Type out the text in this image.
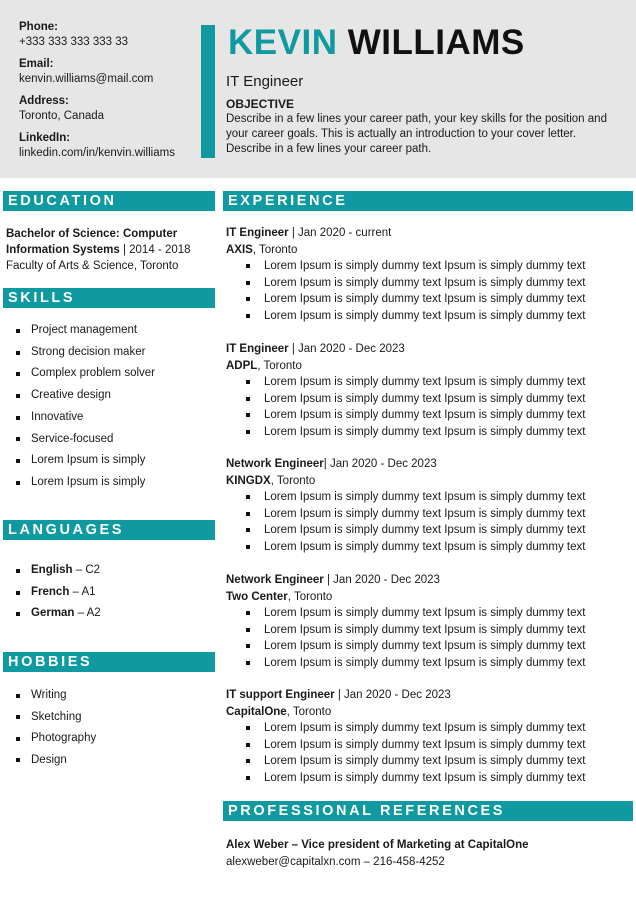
Phone:
+333 333 333 333 33
Email:
kenvin.williams@mail.com
Address:
Toronto, Canada
LinkedIn:
linkedin.com/in/kenvin.williams
KEVIN WILLIAMS
IT Engineer
OBJECTIVE
Describe in a few lines your career path, your key skills for the position and your career goals. This is actually an introduction to your cover letter. Describe in a few lines your career path.
EDUCATION
Bachelor of Science: Computer Information Systems | 2014 - 2018
Faculty of Arts & Science, Toronto
SKILLS
Project management
Strong decision maker
Complex problem solver
Creative design
Innovative
Service-focused
Lorem Ipsum is simply
Lorem Ipsum is simply
LANGUAGES
English – C2
French – A1
German – A2
HOBBIES
Writing
Sketching
Photography
Design
EXPERIENCE
IT Engineer | Jan 2020 - current
AXIS, Toronto
Lorem Ipsum is simply dummy text Ipsum is simply dummy text
Lorem Ipsum is simply dummy text Ipsum is simply dummy text
Lorem Ipsum is simply dummy text Ipsum is simply dummy text
Lorem Ipsum is simply dummy text Ipsum is simply dummy text
IT Engineer | Jan 2020 - Dec 2023
ADPL, Toronto
Lorem Ipsum is simply dummy text Ipsum is simply dummy text
Lorem Ipsum is simply dummy text Ipsum is simply dummy text
Lorem Ipsum is simply dummy text Ipsum is simply dummy text
Lorem Ipsum is simply dummy text Ipsum is simply dummy text
Network Engineer| Jan 2020 - Dec 2023
KINGDX, Toronto
Lorem Ipsum is simply dummy text Ipsum is simply dummy text
Lorem Ipsum is simply dummy text Ipsum is simply dummy text
Lorem Ipsum is simply dummy text Ipsum is simply dummy text
Lorem Ipsum is simply dummy text Ipsum is simply dummy text
Network Engineer | Jan 2020 - Dec 2023
Two Center, Toronto
Lorem Ipsum is simply dummy text Ipsum is simply dummy text
Lorem Ipsum is simply dummy text Ipsum is simply dummy text
Lorem Ipsum is simply dummy text Ipsum is simply dummy text
Lorem Ipsum is simply dummy text Ipsum is simply dummy text
IT support Engineer | Jan 2020 - Dec 2023
CapitalOne, Toronto
Lorem Ipsum is simply dummy text Ipsum is simply dummy text
Lorem Ipsum is simply dummy text Ipsum is simply dummy text
Lorem Ipsum is simply dummy text Ipsum is simply dummy text
Lorem Ipsum is simply dummy text Ipsum is simply dummy text
PROFESSIONAL REFERENCES
Alex Weber – Vice president of Marketing at CapitalOne
alexweber@capitalxn.com – 216-458-4252
